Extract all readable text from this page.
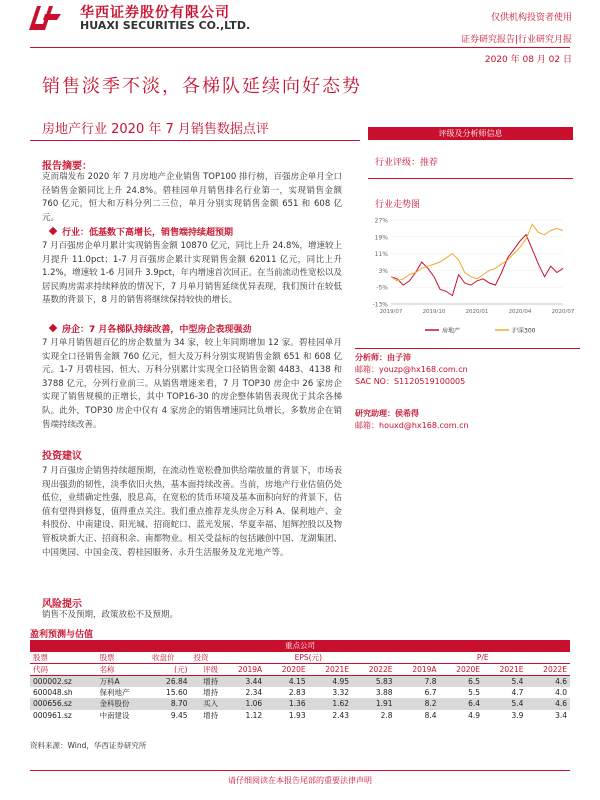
华西证券股份有限公司
HUAXI SECURITIES CO.,LTD.
仅供机构投资者使用
证券研究报告|行业研究月报
2020 年 08 月 02 日
销售淡季不淡，各梯队延续向好态势
房地产行业 2020 年 7 月销售数据点评	评级及分析师信息
行业评级：推荐
行业走势图
27%
19%
11%
3%
-5%
-13%
2019/07	2019/10	2020/01	2020/04	2020/07
房地产	沪深300
分析师：由子沛
邮箱：youzp@hx168.com.cn
SAC NO：S1120519100005
研究助理：侯希得
邮箱：houxd@hx168.com.cn
报告摘要：
克而瑞发布 2020 年 7 月房地产企业销售 TOP100 排行榜，百强房企单月全口径销售金额同比上升 24.8%。碧桂园单月销售排名行业第一，实现销售金额 760 亿元，恒大和万科分列二三位，单月分别实现销售金额 651 和 608 亿元。
行业：低基数下高增长，销售端持续超预期
7 月百强房企单月累计实现销售金额 10870 亿元，同比上升 24.8%，增速较上月提升 11.0pct；1-7 月百强房企累计实现销售金额 62011 亿元，同比上升 1.2%，增速较 1-6 月回升 3.9pct，年内增速首次回正。在当前流动性宽松以及居民购房需求持续释放的情况下，7 月单月销售延续优异表现，我们预计在较低基数的背景下，8 月的销售将继续保持较快的增长。
房企：7 月各梯队持续改善，中型房企表现强劲
7 月单月销售超百亿的房企数量为 34 家，较上年同期增加 12 家。碧桂园单月实现全口径销售金额 760 亿元，恒大及万科分别实现销售金额 651 和 608 亿元。1-7 月碧桂园、恒大、万科分别累计实现全口径销售金额 4483、4138 和 3788 亿元，分列行业前三。从销售增速来看，7 月 TOP30 房企中 26 家房企实现了销售规模的正增长，其中 TOP16-30 的房企整体销售表现优于其余各梯队。此外，TOP30 房企中仅有 4 家房企的销售增速同比负增长，多数房企在销售端持续改善。
投资建议
7 月百强房企销售持续超预期，在流动性宽松叠加供给端放量的背景下，市场表现出强劲的韧性，淡季依旧火热，基本面持续改善。当前，房地产行业估值仍处低位，业绩确定性强，股息高，在宽松的货币环境及基本面积向好的背景下，估值有望得到修复，值得重点关注。我们重点推荐龙头房企万科 A、保利地产、金科股份、中南建设、阳光城、招商蛇口、蓝光发展、华夏幸福、旭辉控股以及物管板块新大正、招商积余、南都物业。相关受益标的包括融创中国、龙湖集团、中国奥园、中国金茂、碧桂园服务、永升生活服务及龙光地产等。
风险提示
销售不及预期，政策放松不及预期。
盈利预测与估值
重点公司											
股票	股票	收盘价	投资	EPS(元)				P/E			
代码	名称	(元)	评级	2019A	2020E	2021E	2022E	2019A	2020E	2021E	2022E
000002.sz	万科A	26.84	增持	3.44	4.15	4.95	5.83	7.8	6.5	5.4	4.6
600048.sh	保利地产	15.60	增持	2.34	2.83	3.32	3.88	6.7	5.5	4.7	4.0
000656.sz	金科股份	8.70	买入	1.06	1.36	1.62	1.91	8.2	6.4	5.4	4.6
000961.sz	中南建设	9.45	增持	1.12	1.93	2.43	2.8	8.4	4.9	3.9	3.4
资料来源：Wind，华西证券研究所
请仔细阅读在本报告尾部的重要法律声明
